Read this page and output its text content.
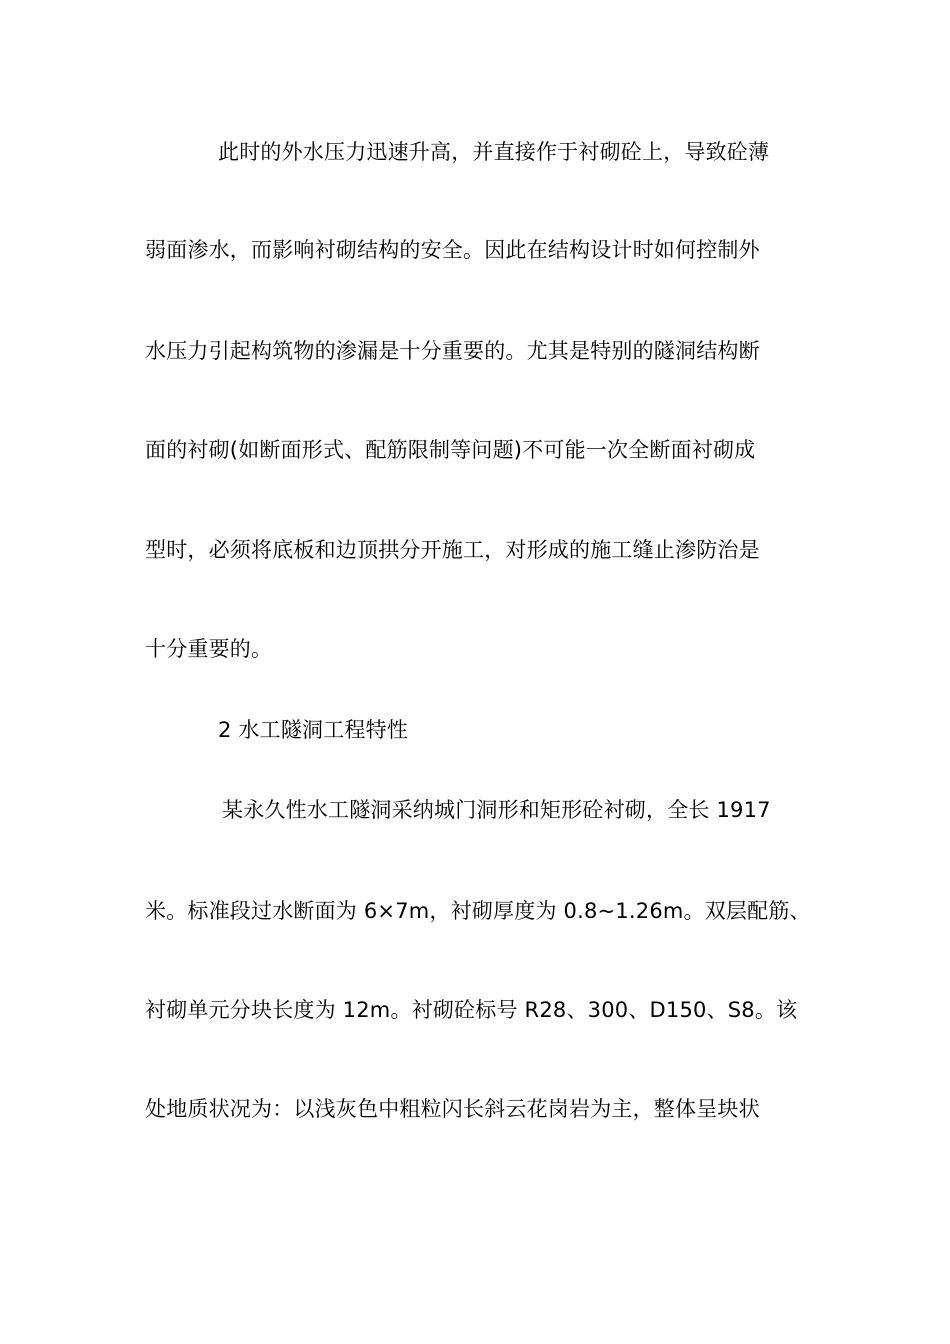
此时的外水压力迅速升高，并直接作于衬砌砼上，导致砼薄
弱面渗水，而影响衬砌结构的安全。因此在结构设计时如何控制外
水压力引起构筑物的渗漏是十分重要的。尤其是特别的隧洞结构断
面的衬砌(如断面形式、配筋限制等问题)不可能一次全断面衬砌成
型时，必须将底板和边顶拱分开施工，对形成的施工缝止渗防治是
十分重要的。
2 水工隧洞工程特性
某永久性水工隧洞采纳城门洞形和矩形砼衬砌，全长 1917
米。标准段过水断面为 6×7m，衬砌厚度为 0.8~1.26m。双层配筋、
衬砌单元分块长度为 12m。衬砌砼标号 R28、300、D150、S8。该
处地质状况为：以浅灰色中粗粒闪长斜云花岗岩为主，整体呈块状
